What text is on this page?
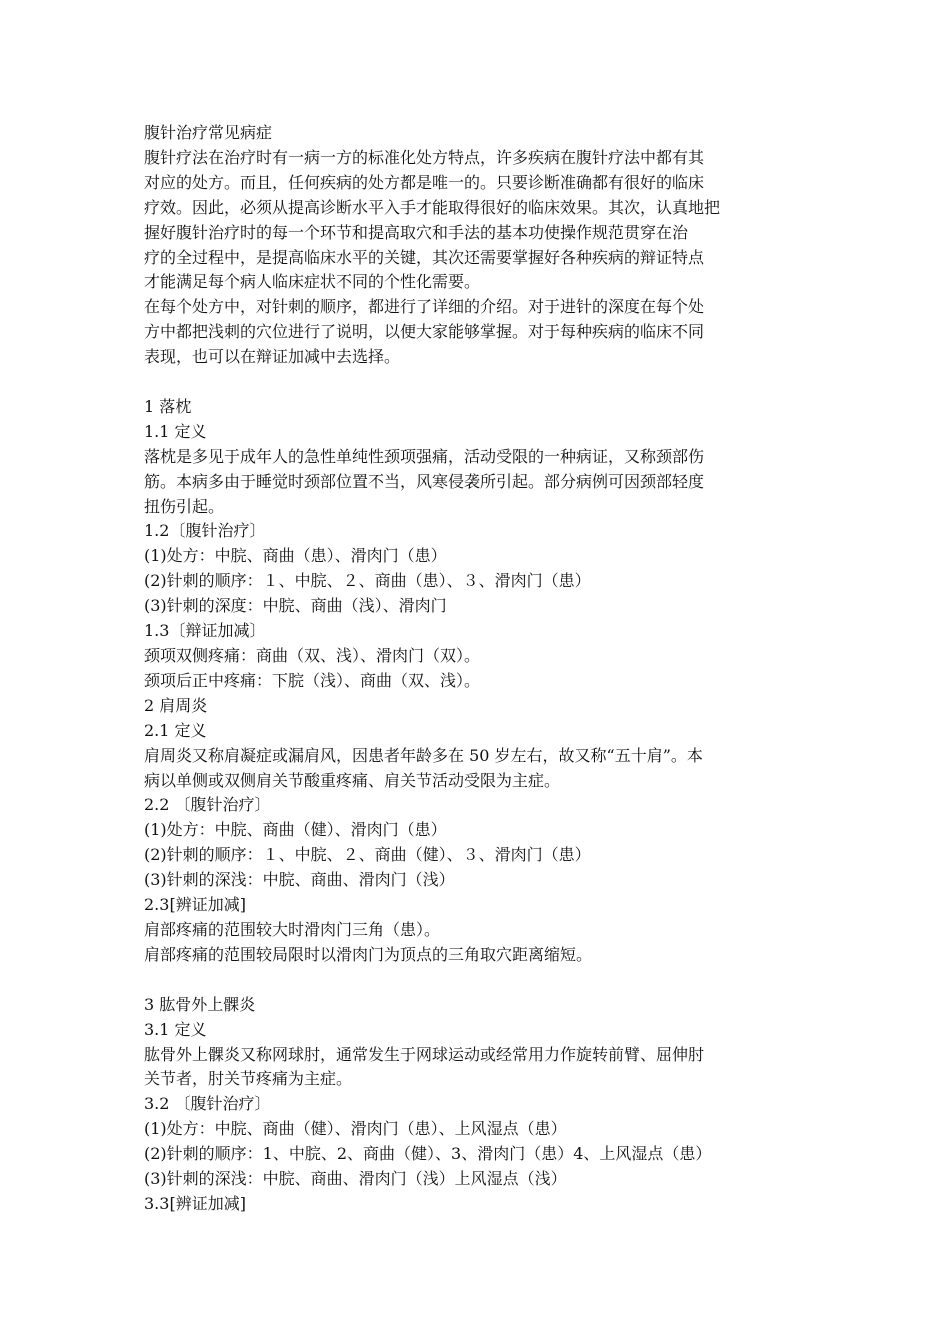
腹针治疗常见病症
腹针疗法在治疗时有一病一方的标准化处方特点，许多疾病在腹针疗法中都有其
对应的处方。而且，任何疾病的处方都是唯一的。只要诊断准确都有很好的临床
疗效。因此，必须从提高诊断水平入手才能取得很好的临床效果。其次，认真地把
握好腹针治疗时的每一个环节和提高取穴和手法的基本功使操作规范贯穿在治
疗的全过程中，是提高临床水平的关键，其次还需要掌握好各种疾病的辩证特点
才能满足每个病人临床症状不同的个性化需要。
在每个处方中，对针刺的顺序，都进行了详细的介绍。对于进针的深度在每个处
方中都把浅刺的穴位进行了说明，以便大家能够掌握。对于每种疾病的临床不同
表现，也可以在辩证加减中去选择。
1 落枕
1.1 定义
落枕是多见于成年人的急性单纯性颈项强痛，活动受限的一种病证，又称颈部伤
筋。本病多由于睡觉时颈部位置不当，风寒侵袭所引起。部分病例可因颈部轻度
扭伤引起。
1.2〔腹针治疗〕
(1)处方：中脘、商曲（患）、滑肉门（患）
(2)针刺的顺序：１、中脘、２、商曲（患）、３、滑肉门（患）
(3)针刺的深度：中脘、商曲（浅）、滑肉门
1.3〔辩证加减〕
颈项双侧疼痛：商曲（双、浅）、滑肉门（双）。
颈项后正中疼痛：下脘（浅）、商曲（双、浅）。
2 肩周炎
2.1 定义
肩周炎又称肩凝症或漏肩风，因患者年龄多在 50 岁左右，故又称“五十肩”。本
病以单侧或双侧肩关节酸重疼痛、肩关节活动受限为主症。
2.2 〔腹针治疗〕
(1)处方：中脘、商曲（健）、滑肉门（患）
(2)针刺的顺序：１、中脘、２、商曲（健）、３、滑肉门（患）
(3)针刺的深浅：中脘、商曲、滑肉门（浅）
2.3[辨证加减]
肩部疼痛的范围较大时滑肉门三角（患）。
肩部疼痛的范围较局限时以滑肉门为顶点的三角取穴距离缩短。
3 肱骨外上髁炎
3.1 定义
肱骨外上髁炎又称网球肘，通常发生于网球运动或经常用力作旋转前臂、屈伸肘
关节者，肘关节疼痛为主症。
3.2 〔腹针治疗〕
(1)处方：中脘、商曲（健）、滑肉门（患）、上风湿点（患）
(2)针刺的顺序：1、中脘、2、商曲（健）、3、滑肉门（患）4、上风湿点（患）
(3)针刺的深浅：中脘、商曲、滑肉门（浅）上风湿点（浅）
3.3[辨证加减]
